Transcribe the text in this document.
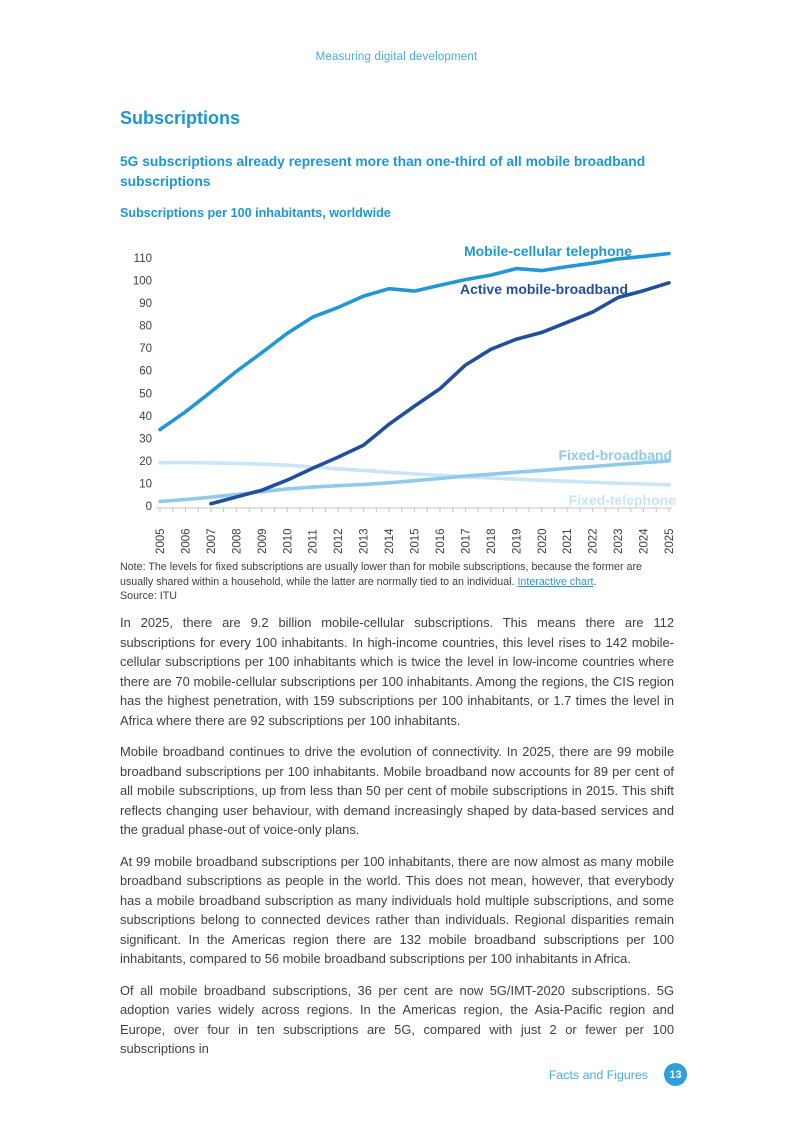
Measuring digital development
Subscriptions
5G subscriptions already represent more than one-third of all mobile broadband subscriptions
Subscriptions per 100 inhabitants, worldwide
0
10
20
30
40
50
60
70
80
90
100
110
2005 2006 2007 2008 2009 2010 2011 2012 2013 2014 2015 2016 2017 2018 2019 2020 2021 2022 2023 2024 2025
Mobile-cellular telephone
Active mobile-broadband
Fixed-broadband
Fixed-telephone
Note: The levels for fixed subscriptions are usually lower than for mobile subscriptions, because the former are usually shared within a household, while the latter are normally tied to an individual. Interactive chart.
Source: ITU

In 2025, there are 9.2 billion mobile-cellular subscriptions. This means there are 112 subscriptions for every 100 inhabitants. In high-income countries, this level rises to 142 mobile-cellular subscriptions per 100 inhabitants which is twice the level in low-income countries where there are 70 mobile-cellular subscriptions per 100 inhabitants. Among the regions, the CIS region has the highest penetration, with 159 subscriptions per 100 inhabitants, or 1.7 times the level in Africa where there are 92 subscriptions per 100 inhabitants.

Mobile broadband continues to drive the evolution of connectivity. In 2025, there are 99 mobile broadband subscriptions per 100 inhabitants. Mobile broadband now accounts for 89 per cent of all mobile subscriptions, up from less than 50 per cent of mobile subscriptions in 2015. This shift reflects changing user behaviour, with demand increasingly shaped by data-based services and the gradual phase-out of voice-only plans.

At 99 mobile broadband subscriptions per 100 inhabitants, there are now almost as many mobile broadband subscriptions as people in the world. This does not mean, however, that everybody has a mobile broadband subscription as many individuals hold multiple subscriptions, and some subscriptions belong to connected devices rather than individuals. Regional disparities remain significant. In the Americas region there are 132 mobile broadband subscriptions per 100 inhabitants, compared to 56 mobile broadband subscriptions per 100 inhabitants in Africa.

Of all mobile broadband subscriptions, 36 per cent are now 5G/IMT-2020 subscriptions. 5G adoption varies widely across regions. In the Americas region, the Asia-Pacific region and Europe, over four in ten subscriptions are 5G, compared with just 2 or fewer per 100 subscriptions in

Facts and Figures	13
